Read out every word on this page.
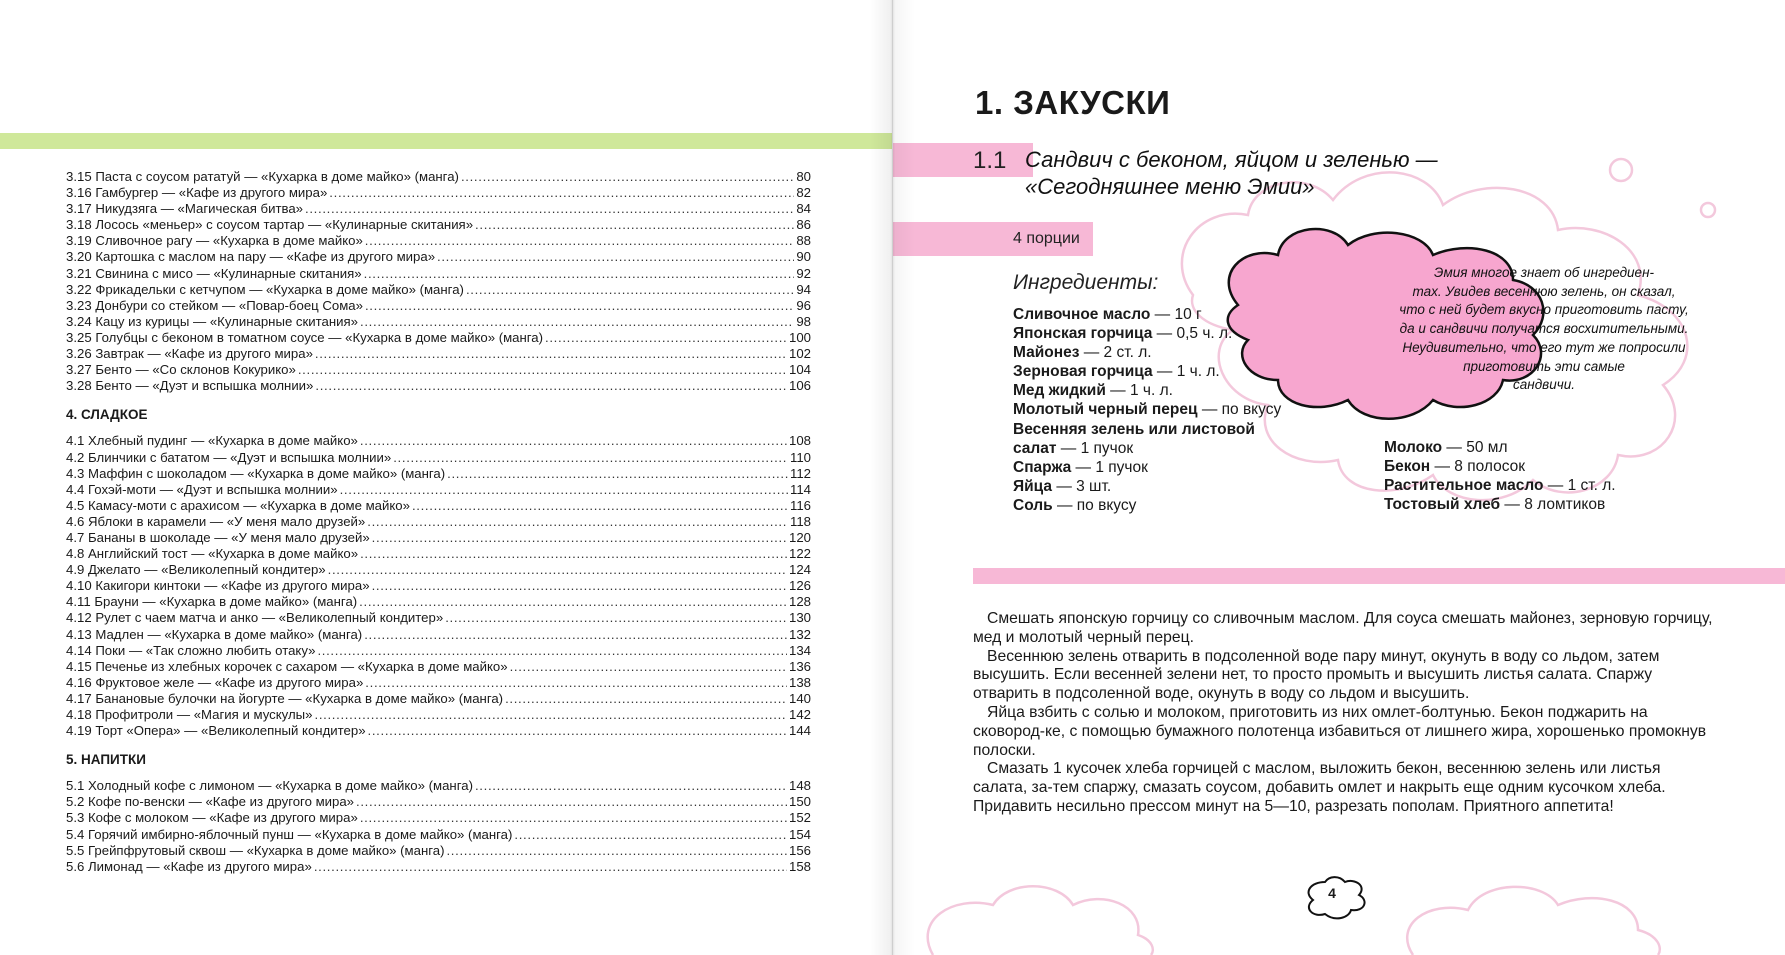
3.15 Паста с соусом рататуй — «Кухарка в доме майко» (манга) . . .	80
3.16 Гамбургер — «Кафе из другого мира» . . .	82
3.17 Никудзяга — «Магическая битва» . . .	84
3.18 Лосось «меньер» с соусом тартар — «Кулинарные скитания» . . .	86
3.19 Сливочное рагу — «Кухарка в доме майко» . . .	88
3.20 Картошка с маслом на пару — «Кафе из другого мира» . . .	90
3.21 Свинина с мисо — «Кулинарные скитания» . . .	92
3.22 Фрикадельки с кетчупом — «Кухарка в доме майко» (манга) . . .	94
3.23 Донбури со стейком — «Повар-боец Сома» . . .	96
3.24 Кацу из курицы — «Кулинарные скитания» . . .	98
3.25 Голубцы с беконом в томатном соусе — «Кухарка в доме майко» (манга) . . .	100
3.26 Завтрак — «Кафе из другого мира» . . .	102
3.27 Бенто — «Со склонов Кокурико» . . .	104
3.28 Бенто — «Дуэт и вспышка молнии» . . .	106
4. СЛАДКОЕ
4.1 Хлебный пудинг — «Кухарка в доме майко» . . .	108
4.2 Блинчики с бататом — «Дуэт и вспышка молнии» . . .	110
4.3 Маффин с шоколадом — «Кухарка в доме майко» (манга) . . .	112
4.4 Гохэй-моти — «Дуэт и вспышка молнии» . . .	114
4.5 Камасу-моти с арахисом — «Кухарка в доме майко» . . .	116
4.6 Яблоки в карамели — «У меня мало друзей» . . .	118
4.7 Бананы в шоколаде — «У меня мало друзей» . . .	120
4.8 Английский тост — «Кухарка в доме майко» . . .	122
4.9 Джелато — «Великолепный кондитер» . . .	124
4.10 Какигори кинтоки — «Кафе из другого мира» . . .	126
4.11 Брауни — «Кухарка в доме майко» (манга) . . .	128
4.12 Рулет с чаем матча и анко — «Великолепный кондитер» . . .	130
4.13 Мадлен — «Кухарка в доме майко» (манга) . . .	132
4.14 Поки — «Так сложно любить отаку» . . .	134
4.15 Печенье из хлебных корочек с сахаром — «Кухарка в доме майко» . . .	136
4.16 Фруктовое желе — «Кафе из другого мира» . . .	138
4.17 Банановые булочки на йогурте — «Кухарка в доме майко» (манга) . . .	140
4.18 Профитроли — «Магия и мускулы» . . .	142
4.19 Торт «Опера» — «Великолепный кондитер» . . .	144
5. НАПИТКИ
5.1 Холодный кофе с лимоном — «Кухарка в доме майко» (манга) . . .	148
5.2 Кофе по-венски — «Кафе из другого мира» . . .	150
5.3 Кофе с молоком — «Кафе из другого мира» . . .	152
5.4 Горячий имбирно-яблочный пунш — «Кухарка в доме майко» (манга) . . .	154
5.5 Грейпфрутовый сквош — «Кухарка в доме майко» (манга) . . .	156
5.6 Лимонад — «Кафе из другого мира» . . .	158
1. ЗАКУСКИ
1.1 Сандвич с беконом, яйцом и зеленью —
«Сегодняшнее меню Эмии»
4 порции
Ингредиенты:
Сливочное масло — 10 г
Японская горчица — 0,5 ч. л.
Майонез — 2 ст. л.
Зерновая горчица — 1 ч. л.
Мед жидкий — 1 ч. л.
Молотый черный перец — по вкусу
Весенняя зелень или листовой
салат — 1 пучок
Спаржа — 1 пучок
Яйца — 3 шт.
Соль — по вкусу
Молоко — 50 мл
Бекон — 8 полосок
Растительное масло — 1 ст. л.
Тостовый хлеб — 8 ломтиков
Эмия многое знает об ингредиен-
тах. Увидев весеннюю зелень, он сказал,
что с ней будет вкусно приготовить пасту,
да и сандвичи получатся восхитительными.
Неудивительно, что его тут же попросили
приготовить эти самые
сандвичи.

Смешать японскую горчицу со сливочным маслом. Для соуса смешать майонез, зерновую горчицу, мед и молотый черный перец.

Весеннюю зелень отварить в подсоленной воде пару минут, окунуть в воду со льдом, затем высушить. Если весенней зелени нет, то просто промыть и высушить листья салата. Спаржу отварить в подсоленной воде, окунуть в воду со льдом и высушить.

Яйца взбить с солью и молоком, приготовить из них омлет-болтунью. Бекон поджарить на сковород-ке, с помощью бумажного полотенца избавиться от лишнего жира, хорошенько промокнув полоски.

Смазать 1 кусочек хлеба горчицей с маслом, выложить бекон, весеннюю зелень или листья салата, за-тем спаржу, смазать соусом, добавить омлет и накрыть еще одним кусочком хлеба. Придавить несильно прессом минут на 5—10, разрезать пополам. Приятного аппетита!

4
